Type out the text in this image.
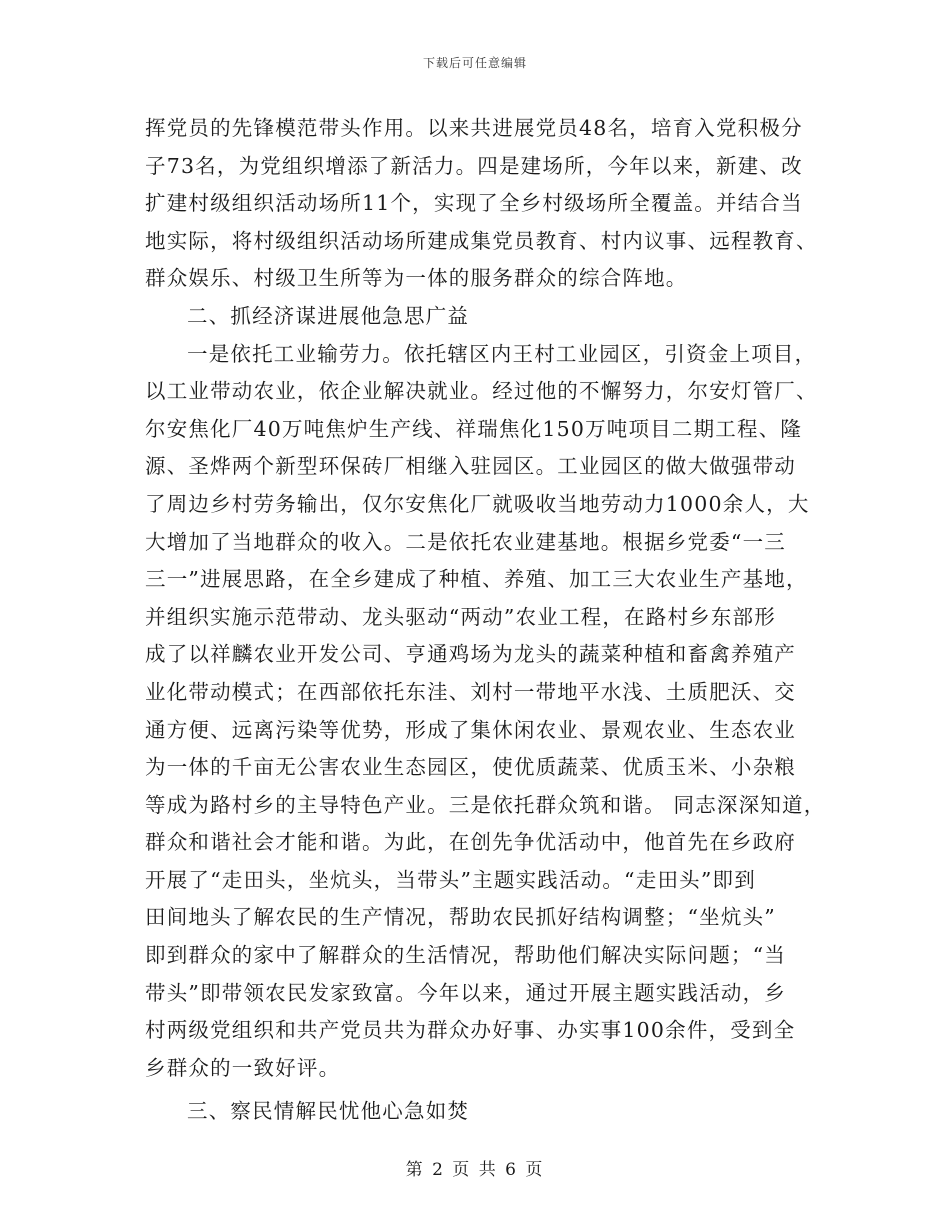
下载后可任意编辑
挥党员的先锋模范带头作用。以来共进展党员48名，培育入党积极分
子73名，为党组织增添了新活力。四是建场所，今年以来，新建、改
扩建村级组织活动场所11个，实现了全乡村级场所全覆盖。并结合当
地实际，将村级组织活动场所建成集党员教育、村内议事、远程教育、
群众娱乐、村级卫生所等为一体的服务群众的综合阵地。
二、抓经济谋进展他急思广益
一是依托工业输劳力。依托辖区内王村工业园区，引资金上项目，
以工业带动农业，依企业解决就业。经过他的不懈努力，尔安灯管厂、
尔安焦化厂40万吨焦炉生产线、祥瑞焦化150万吨项目二期工程、隆
源、圣烨两个新型环保砖厂相继入驻园区。工业园区的做大做强带动
了周边乡村劳务输出，仅尔安焦化厂就吸收当地劳动力1000余人，大
大增加了当地群众的收入。二是依托农业建基地。根据乡党委“一三
三一”进展思路，在全乡建成了种植、养殖、加工三大农业生产基地，
并组织实施示范带动、龙头驱动“两动”农业工程，在路村乡东部形
成了以祥麟农业开发公司、亨通鸡场为龙头的蔬菜种植和畜禽养殖产
业化带动模式；在西部依托东洼、刘村一带地平水浅、土质肥沃、交
通方便、远离污染等优势，形成了集休闲农业、景观农业、生态农业
为一体的千亩无公害农业生态园区，使优质蔬菜、优质玉米、小杂粮
等成为路村乡的主导特色产业。三是依托群众筑和谐。 同志深深知道，
群众和谐社会才能和谐。为此，在创先争优活动中，他首先在乡政府
开展了“走田头，坐炕头，当带头”主题实践活动。“走田头”即到
田间地头了解农民的生产情况，帮助农民抓好结构调整；“坐炕头”
即到群众的家中了解群众的生活情况，帮助他们解决实际问题；“当
带头”即带领农民发家致富。今年以来，通过开展主题实践活动，乡
村两级党组织和共产党员共为群众办好事、办实事100余件，受到全
乡群众的一致好评。
三、察民情解民忧他心急如焚
第 2 页 共 6 页
